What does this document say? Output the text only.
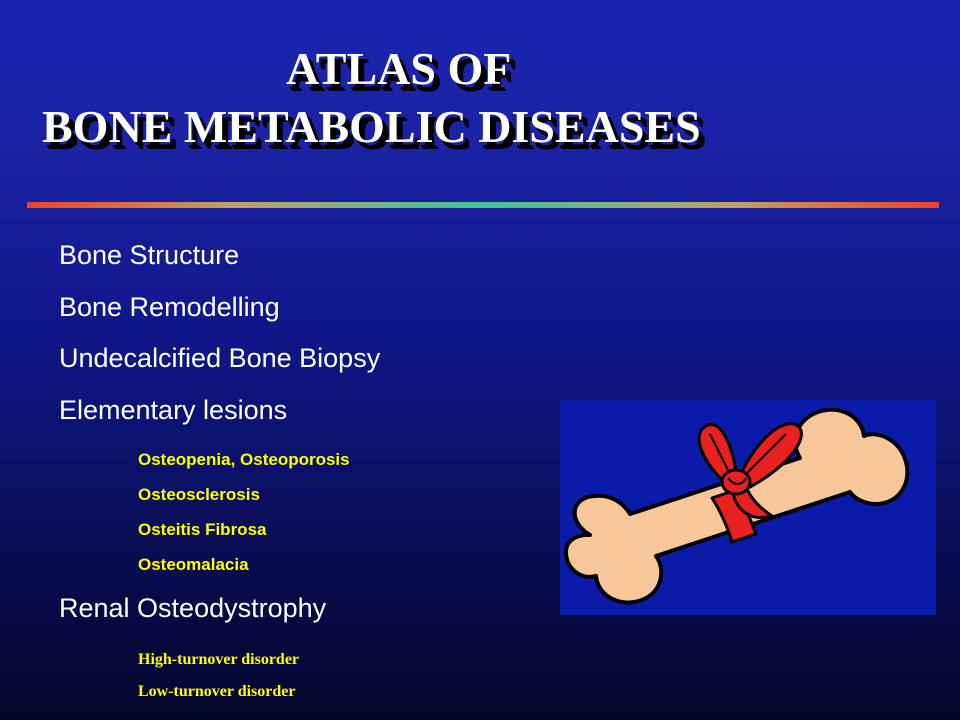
ATLAS OF
BONE METABOLIC DISEASES
Bone Structure
Bone Remodelling
Undecalcified Bone Biopsy
Elementary lesions
Osteopenia, Osteoporosis
Osteosclerosis
Osteitis Fibrosa
Osteomalacia
Renal Osteodystrophy
High-turnover disorder
Low-turnover disorder
